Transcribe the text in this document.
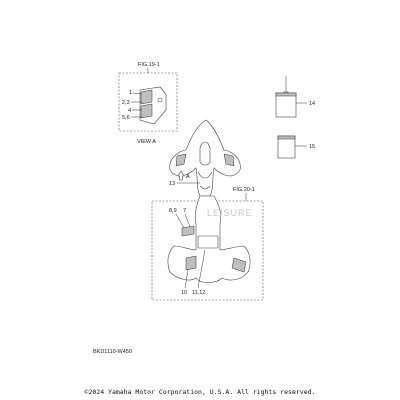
FIG.19-1
1
2,3
4
5,6
VIEW A
14
15
A
13
FIG.20-1
LEISURE
8,9 7
10 11,12
BKD1110-W450
©2024 Yamaha Motor Corporation, U.S.A. All rights reserved.
